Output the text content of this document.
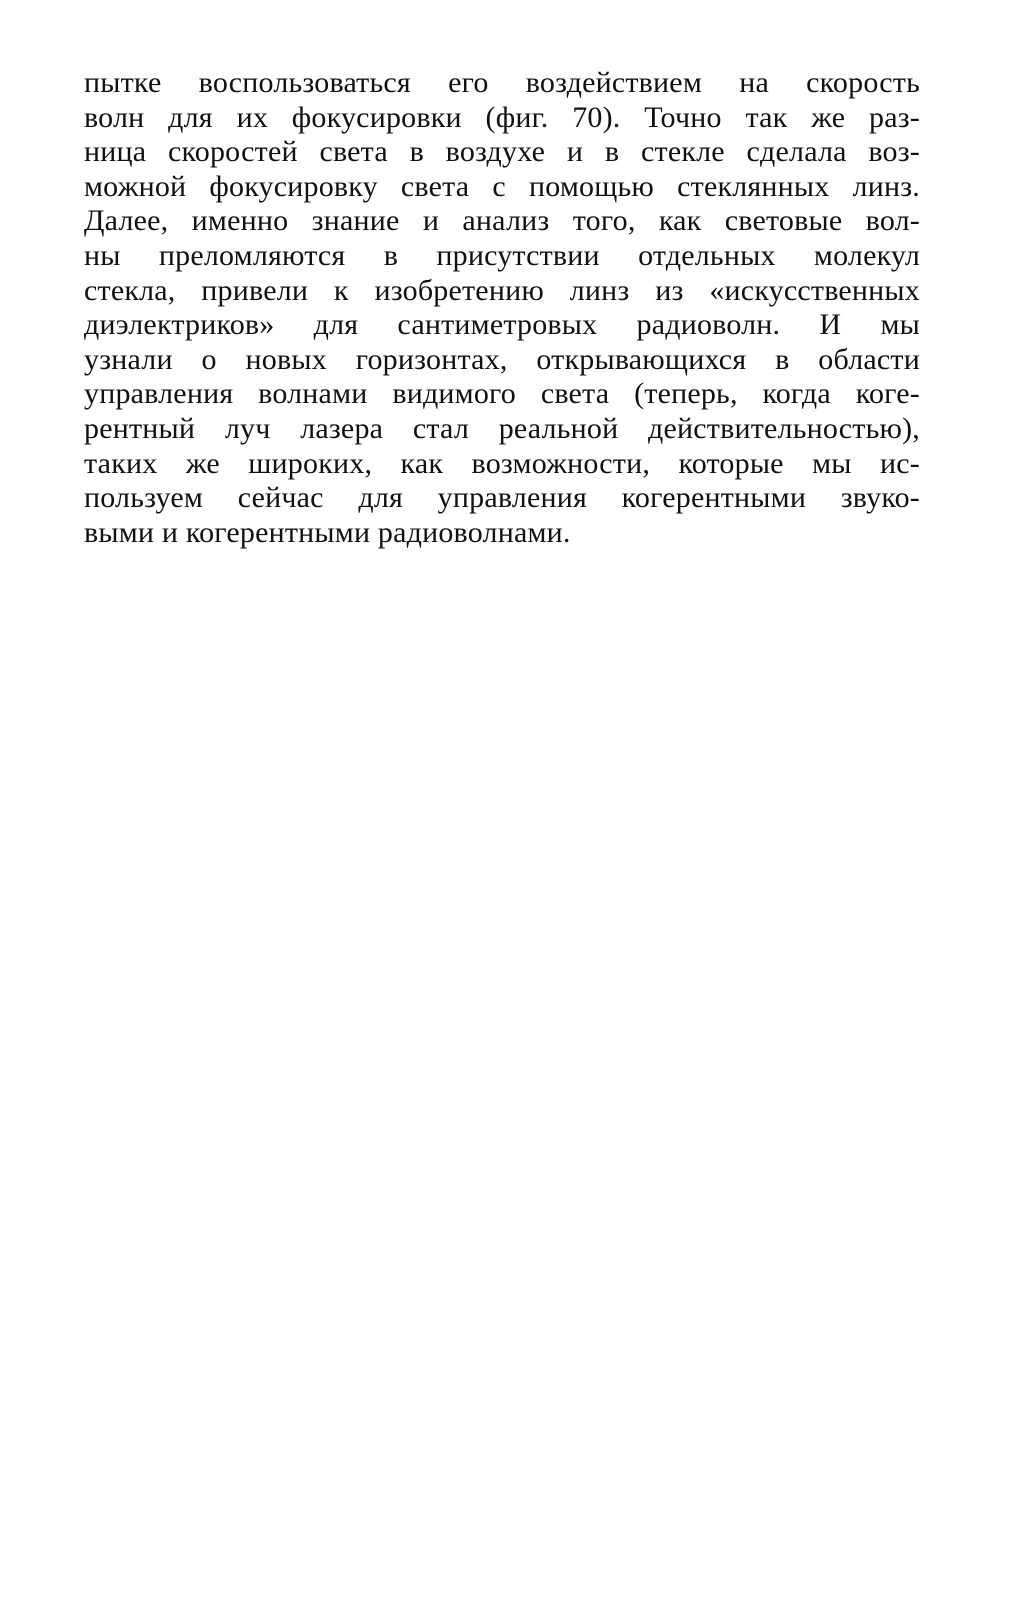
пытке воспользоваться его воздействием на скорость
волн для их фокусировки (фиг. 70). Точно так же раз-
ница скоростей света в воздухе и в стекле сделала воз-
можной фокусировку света с помощью стеклянных линз.
Далее, именно знание и анализ того, как световые вол-
ны преломляются в присутствии отдельных молекул
стекла, привели к изобретению линз из «искусственных
диэлектриков» для сантиметровых радиоволн. И мы
узнали о новых горизонтах, открывающихся в области
управления волнами видимого света (теперь, когда коге-
рентный луч лазера стал реальной действительностью),
таких же широких, как возможности, которые мы ис-
пользуем сейчас для управления когерентными звуко-
выми и когерентными радиоволнами.
